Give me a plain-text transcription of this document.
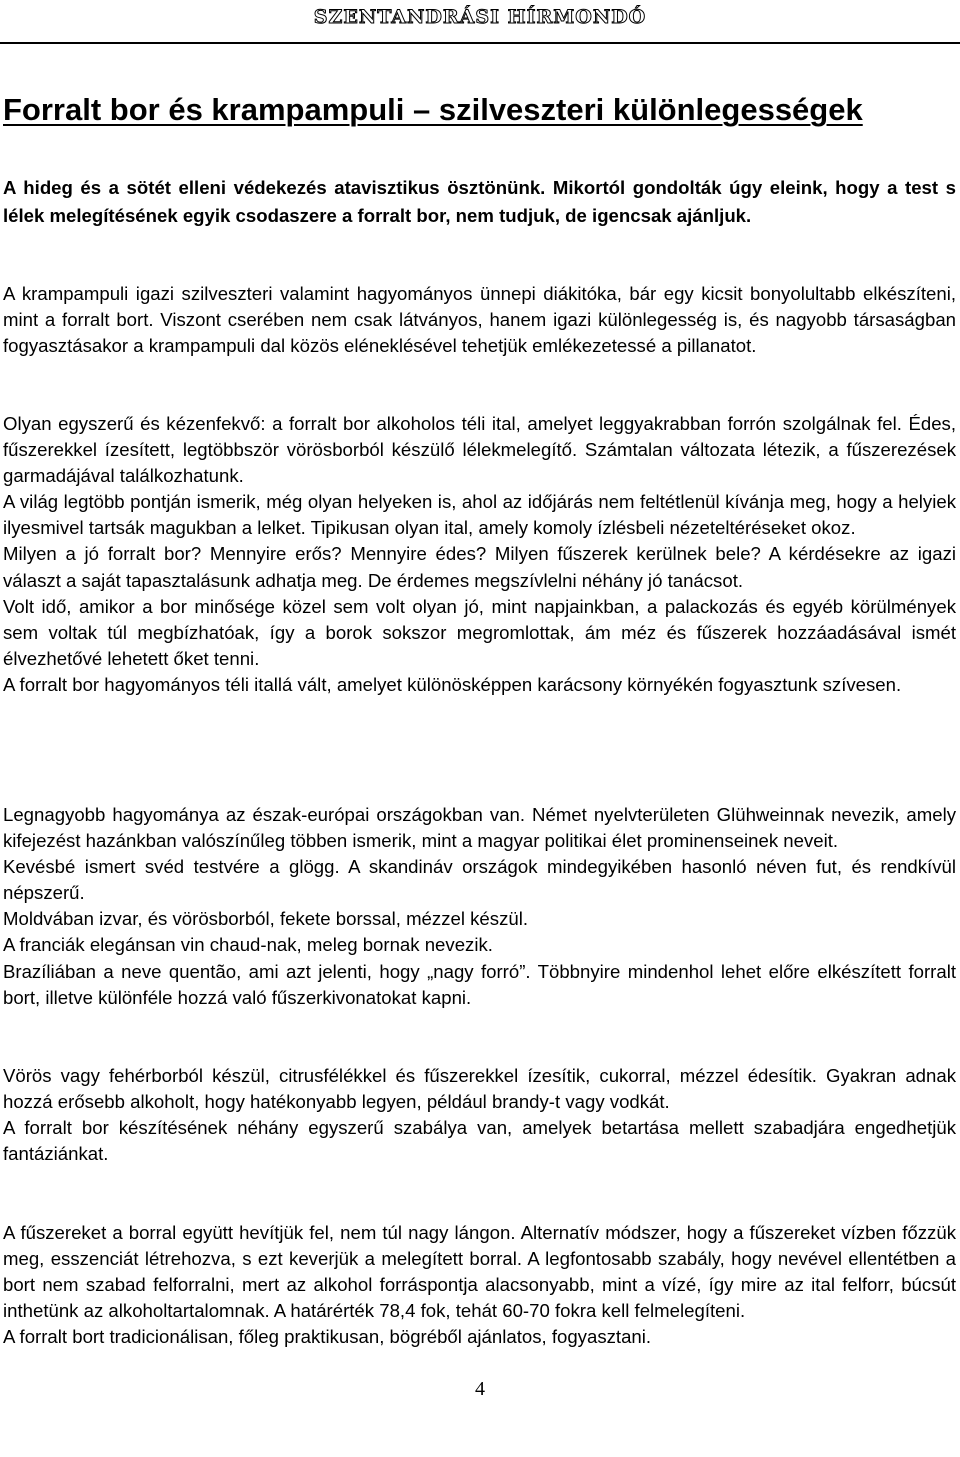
SZENTANDRÁSI HÍRMONDÓ
Forralt bor és krampampuli – szilveszteri különlegességek

A hideg és a sötét elleni védekezés atavisztikus ösztönünk. Mikortól gondolták úgy eleink, hogy a test s lélek melegítésének egyik csodaszere a forralt bor, nem tudjuk, de igencsak ajánljuk.

A krampampuli igazi szilveszteri valamint hagyományos ünnepi diákitóka, bár egy kicsit bonyolultabb elkészíteni, mint a forralt bort. Viszont cserében nem csak látványos, hanem igazi különlegesség is, és nagyobb társaságban fogyasztásakor a krampampuli dal közös eléneklésével tehetjük emlékezetessé a pillanatot.

Olyan egyszerű és kézenfekvő: a forralt bor alkoholos téli ital, amelyet leggyakrabban forrón szolgálnak fel. Édes, fűszerekkel ízesített, legtöbbször vörösborból készülő lélekmelegítő. Számtalan változata létezik, a fűszerezések garmadájával találkozhatunk.

A világ legtöbb pontján ismerik, még olyan helyeken is, ahol az időjárás nem feltétlenül kívánja meg, hogy a helyiek ilyesmivel tartsák magukban a lelket. Tipikusan olyan ital, amely komoly ízlésbeli nézeteltéréseket okoz.

Milyen a jó forralt bor? Mennyire erős? Mennyire édes? Milyen fűszerek kerülnek bele? A kérdésekre az igazi választ a saját tapasztalásunk adhatja meg. De érdemes megszívlelni néhány jó tanácsot.

Volt idő, amikor a bor minősége közel sem volt olyan jó, mint napjainkban, a palackozás és egyéb körülmények sem voltak túl megbízhatóak, így a borok sokszor megromlottak, ám méz és fűszerek hozzáadásával ismét élvezhetővé lehetett őket tenni.

A forralt bor hagyományos téli itallá vált, amelyet különösképpen karácsony környékén fogyasztunk szívesen.

Legnagyobb hagyománya az észak-európai országokban van. Német nyelvterületen Glühweinnak nevezik, amely kifejezést hazánkban valószínűleg többen ismerik, mint a magyar politikai élet prominenseinek neveit.

Kevésbé ismert svéd testvére a glögg. A skandináv országok mindegyikében hasonló néven fut, és rendkívül népszerű.

Moldvában izvar, és vörösborból, fekete borssal, mézzel készül.

A franciák elegánsan vin chaud-nak, meleg bornak nevezik.

Brazíliában a neve quentão, ami azt jelenti, hogy „nagy forró”. Többnyire mindenhol lehet előre elkészített forralt bort, illetve különféle hozzá való fűszerkivonatokat kapni.

Vörös vagy fehérborból készül, citrusfélékkel és fűszerekkel ízesítik, cukorral, mézzel édesítik. Gyakran adnak hozzá erősebb alkoholt, hogy hatékonyabb legyen, például brandy-t vagy vodkát.

A forralt bor készítésének néhány egyszerű szabálya van, amelyek betartása mellett szabadjára engedhetjük fantáziánkat.

A fűszereket a borral együtt hevítjük fel, nem túl nagy lángon. Alternatív módszer, hogy a fűszereket vízben főzzük meg, esszenciát létrehozva, s ezt keverjük a melegített borral. A legfontosabb szabály, hogy nevével ellentétben a bort nem szabad felforralni, mert az alkohol forráspontja alacsonyabb, mint a vízé, így mire az ital felforr, búcsút inthetünk az alkoholtartalomnak. A határérték 78,4 fok, tehát 60-70 fokra kell felmelegíteni.

A forralt bort tradicionálisan, főleg praktikusan, bögréből ajánlatos, fogyasztani.

4
